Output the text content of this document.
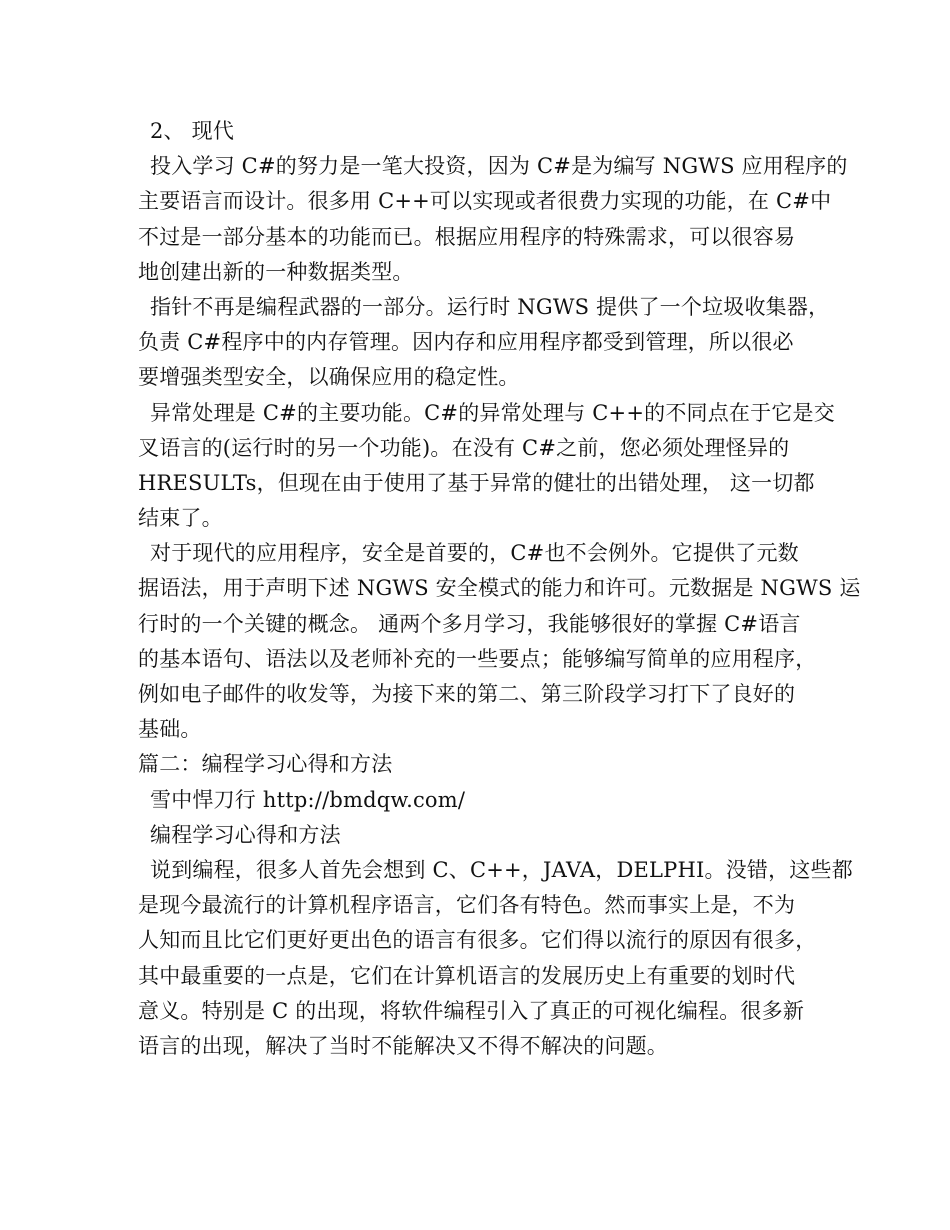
2、 现代
投入学习 C#的努力是一笔大投资，因为 C#是为编写 NGWS 应用程序的
主要语言而设计。很多用 C++可以实现或者很费力实现的功能，在 C#中
不过是一部分基本的功能而已。根据应用程序的特殊需求，可以很容易
地创建出新的一种数据类型。
指针不再是编程武器的一部分。运行时 NGWS 提供了一个垃圾收集器，
负责 C#程序中的内存管理。因内存和应用程序都受到管理，所以很必
要增强类型安全，以确保应用的稳定性。
异常处理是 C#的主要功能。C#的异常处理与 C++的不同点在于它是交
叉语言的(运行时的另一个功能)。在没有 C#之前，您必须处理怪异的
HRESULTs，但现在由于使用了基于异常的健壮的出错处理， 这一切都
结束了。
对于现代的应用程序，安全是首要的，C#也不会例外。它提供了元数
据语法，用于声明下述 NGWS 安全模式的能力和许可。元数据是 NGWS 运
行时的一个关键的概念。 通两个多月学习，我能够很好的掌握 C#语言
的基本语句、语法以及老师补充的一些要点；能够编写简单的应用程序，
例如电子邮件的收发等，为接下来的第二、第三阶段学习打下了良好的
基础。
篇二：编程学习心得和方法
雪中悍刀行 http://bmdqw.com/
编程学习心得和方法
说到编程，很多人首先会想到 C、C++，JAVA，DELPHI。没错，这些都
是现今最流行的计算机程序语言，它们各有特色。然而事实上是，不为
人知而且比它们更好更出色的语言有很多。它们得以流行的原因有很多，
其中最重要的一点是，它们在计算机语言的发展历史上有重要的划时代
意义。特别是 C 的出现，将软件编程引入了真正的可视化编程。很多新
语言的出现，解决了当时不能解决又不得不解决的问题。
